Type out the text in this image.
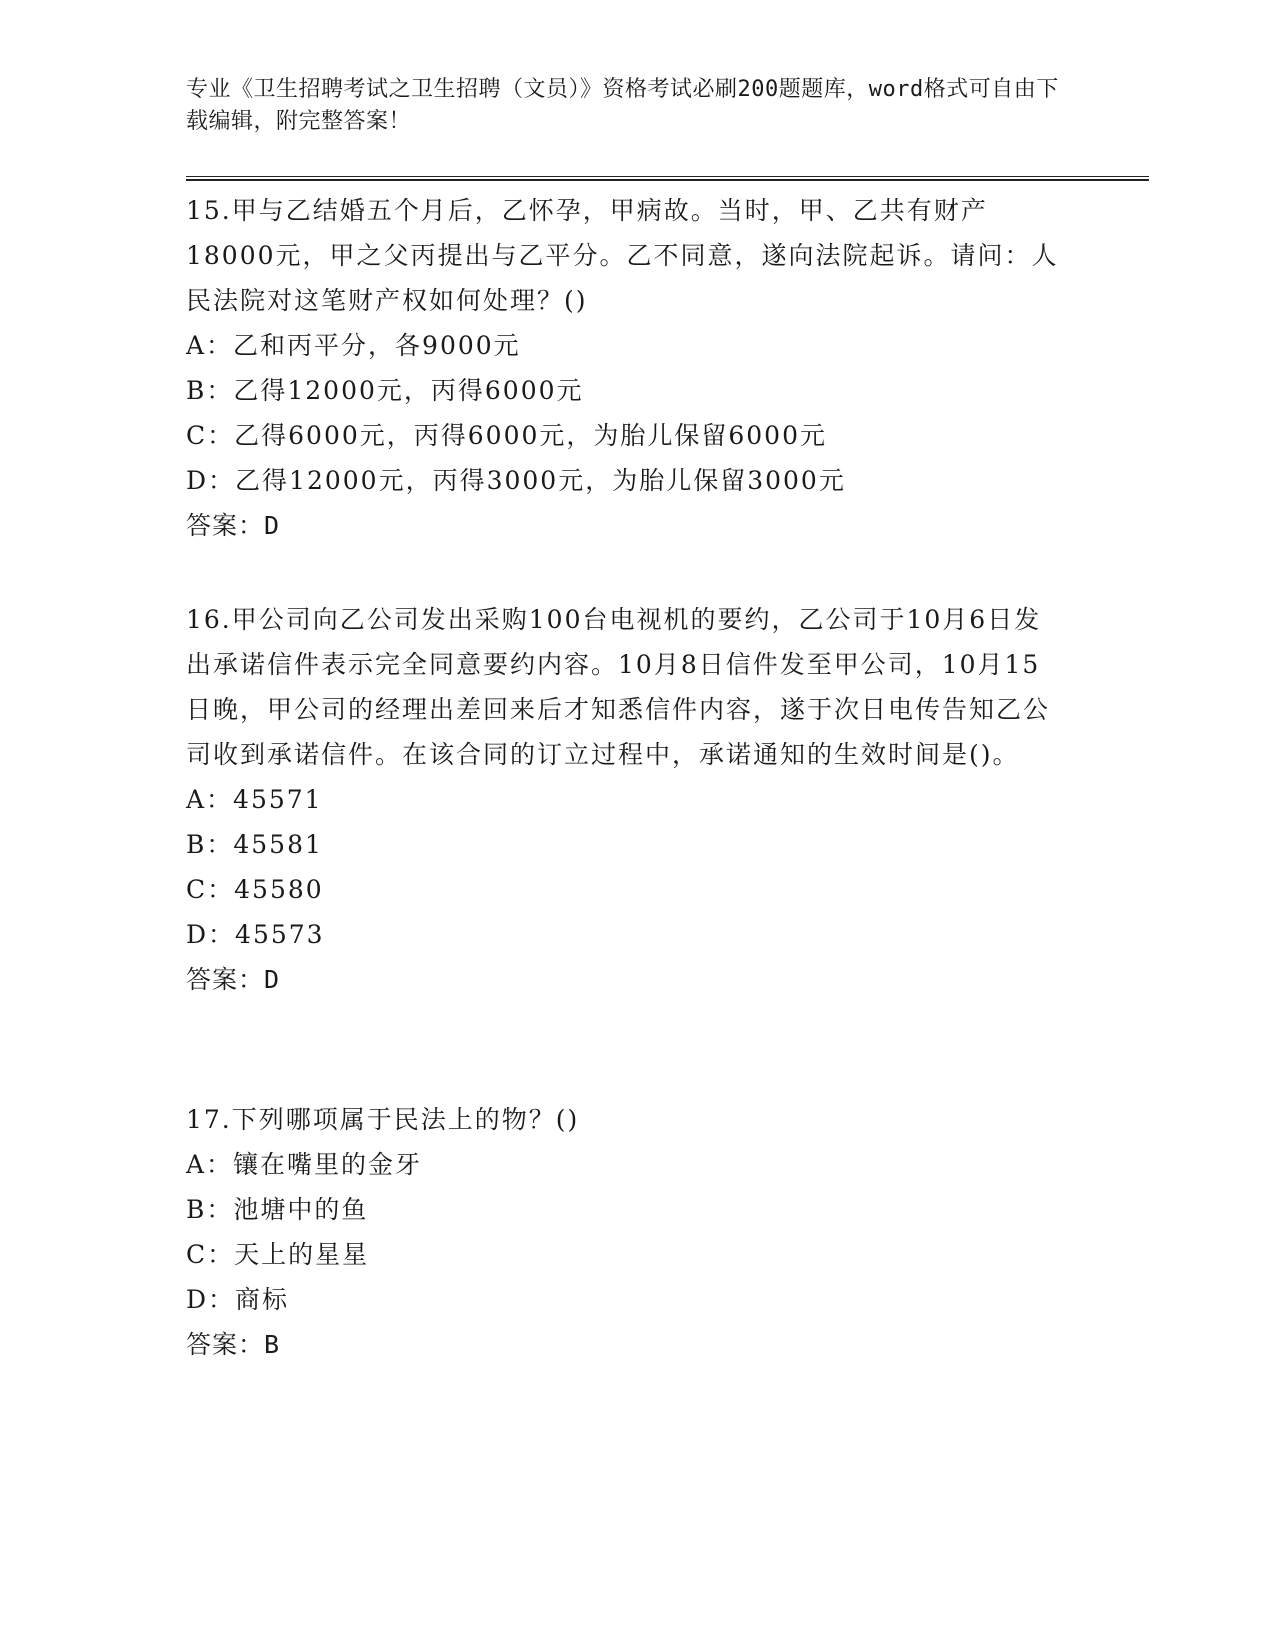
专业《卫生招聘考试之卫生招聘（文员）》资格考试必刷200题题库，word格式可自由下载编辑，附完整答案！

15.甲与乙结婚五个月后，乙怀孕，甲病故。当时，甲、乙共有财产18000元，甲之父丙提出与乙平分。乙不同意，遂向法院起诉。请问：人民法院对这笔财产权如何处理？()

A：乙和丙平分，各9000元

B：乙得12000元，丙得6000元

C：乙得6000元，丙得6000元，为胎儿保留6000元

D：乙得12000元，丙得3000元，为胎儿保留3000元

答案：D

16.甲公司向乙公司发出采购100台电视机的要约，乙公司于10月6日发出承诺信件表示完全同意要约内容。10月8日信件发至甲公司，10月15日晚，甲公司的经理出差回来后才知悉信件内容，遂于次日电传告知乙公司收到承诺信件。在该合同的订立过程中，承诺通知的生效时间是()。

A：45571

B：45581

C：45580

D：45573

答案：D

17.下列哪项属于民法上的物？()

A：镶在嘴里的金牙

B：池塘中的鱼

C：天上的星星

D：商标

答案：B
